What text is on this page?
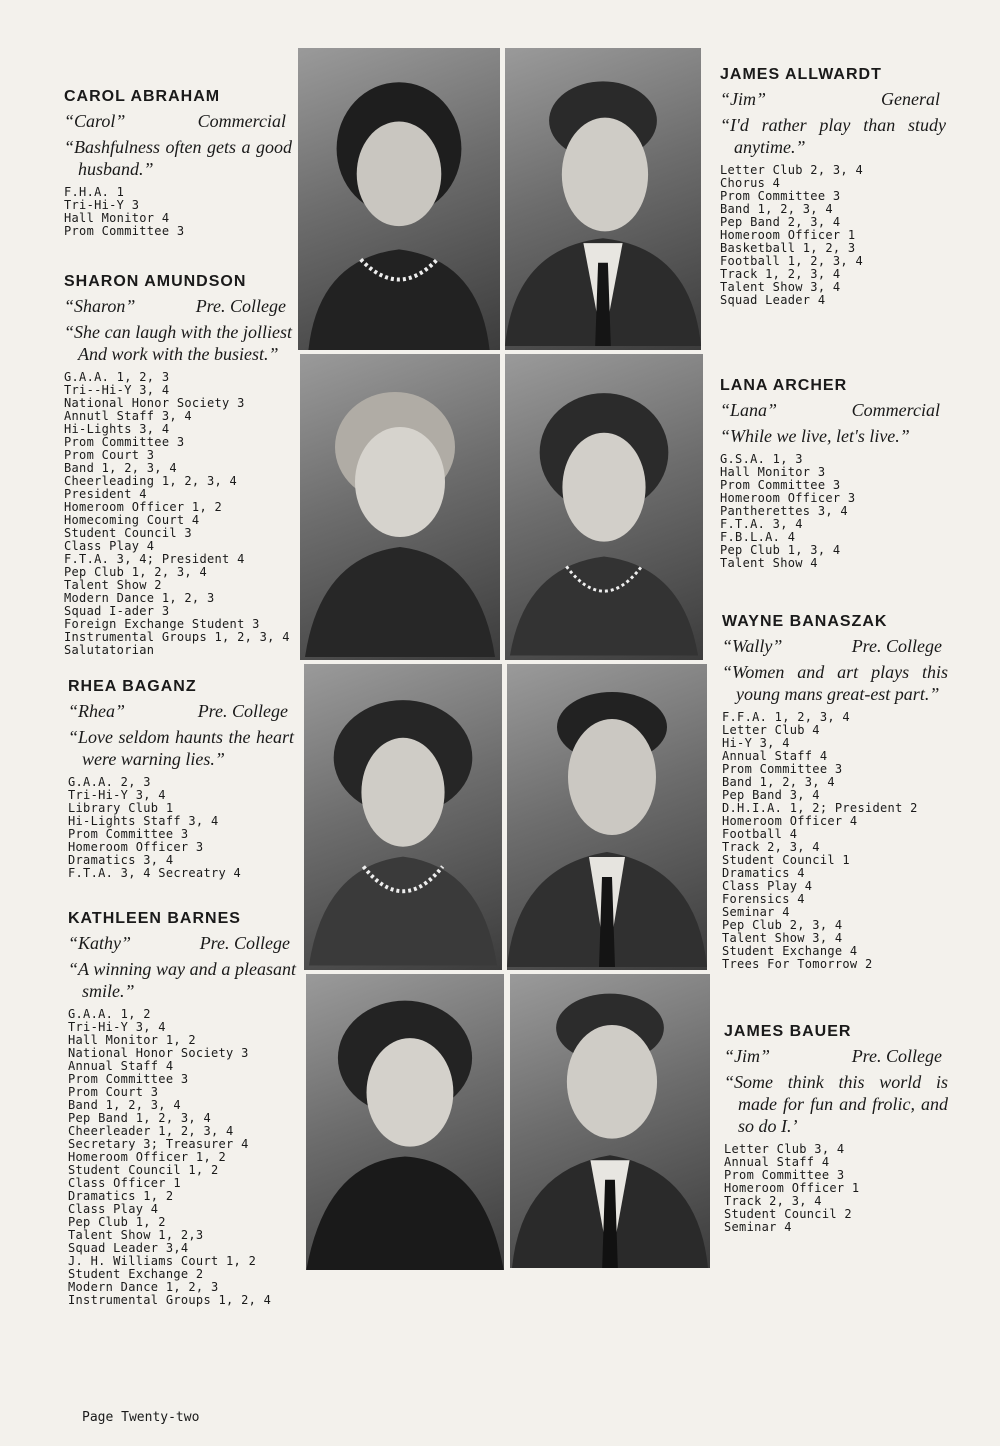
CAROL ABRAHAM
“Carol”	Commercial
“Bashfulness often gets a good husband.”
F.H.A. 1
Tri-Hi-Y 3
Hall Monitor 4
Prom Committee 3
SHARON AMUNDSON
“Sharon”	Pre. College
“She can laugh with the jolliest And work with the busiest.”
G.A.A. 1, 2, 3
Tri--Hi-Y 3, 4
National Honor Society 3
Annutl Staff 3, 4
Hi-Lights 3, 4
Prom Committee 3
Prom Court 3
Band 1, 2, 3, 4
Cheerleading 1, 2, 3, 4
President 4
Homeroom Officer 1, 2
Homecoming Court 4
Student Council 3
Class Play 4
F.T.A. 3, 4; President 4
Pep Club 1, 2, 3, 4
Talent Show 2
Modern Dance 1, 2, 3
Squad I‐ader 3
Foreign Exchange Student 3
Instrumental Groups 1, 2, 3, 4
Salutatorian
RHEA BAGANZ
“Rhea”	Pre. College
“Love seldom haunts the heart were warning lies.”
G.A.A. 2, 3
Tri-Hi-Y 3, 4
Library Club 1
Hi-Lights Staff 3, 4
Prom Committee 3
Homeroom Officer 3
Dramatics 3, 4
F.T.A. 3, 4 Secreatry 4
KATHLEEN BARNES
“Kathy”	Pre. College
“A winning way and a pleasant smile.”
G.A.A. 1, 2
Tri-Hi-Y 3, 4
Hall Monitor 1, 2
National Honor Society 3
Annual Staff 4
Prom Committee 3
Prom Court 3
Band 1, 2, 3, 4
Pep Band 1, 2, 3, 4
Cheerleader 1, 2, 3, 4
Secretary 3; Treasurer 4
Homeroom Officer 1, 2
Student Council 1, 2
Class Officer 1
Dramatics 1, 2
Class Play 4
Pep Club 1, 2
Talent Show 1, 2,3
Squad Leader 3,4
J. H. Williams Court 1, 2
Student Exchange 2
Modern Dance 1, 2, 3
Instrumental Groups 1, 2, 4
JAMES ALLWARDT
“Jim”	General
“I'd rather play than study anytime.”
Letter Club 2, 3, 4
Chorus 4
Prom Committee 3
Band 1, 2, 3, 4
Pep Band 2, 3, 4
Homeroom Officer 1
Basketball 1, 2, 3
Football 1, 2, 3, 4
Track 1, 2, 3, 4
Talent Show 3, 4
Squad Leader 4
LANA ARCHER
“Lana”	Commercial
“While we live, let's live.”
G.S.A. 1, 3
Hall Monitor 3
Prom Committee 3
Homeroom Officer 3
Pantherettes 3, 4
F.T.A. 3, 4
F.B.L.A. 4
Pep Club 1, 3, 4
Talent Show 4
WAYNE BANASZAK
“Wally”	Pre. College
“Women and art plays this young mans great-est part.”
F.F.A. 1, 2, 3, 4
Letter Club 4
Hi-Y 3, 4
Annual Staff 4
Prom Committee 3
Band 1, 2, 3, 4
Pep Band 3, 4
D.H.I.A. 1, 2; President 2
Homeroom Officer 4
Football 4
Track 2, 3, 4
Student Council 1
Dramatics 4
Class Play 4
Forensics 4
Seminar 4
Pep Club 2, 3, 4
Talent Show 3, 4
Student Exchange 4
Trees For Tomorrow 2
JAMES BAUER
“Jim”	Pre. College
“Some think this world is made for fun and frolic, and so do I.’
Letter Club 3, 4
Annual Staff 4
Prom Committee 3
Homeroom Officer 1
Track 2, 3, 4
Student Council 2
Seminar 4
Page Twenty-two
